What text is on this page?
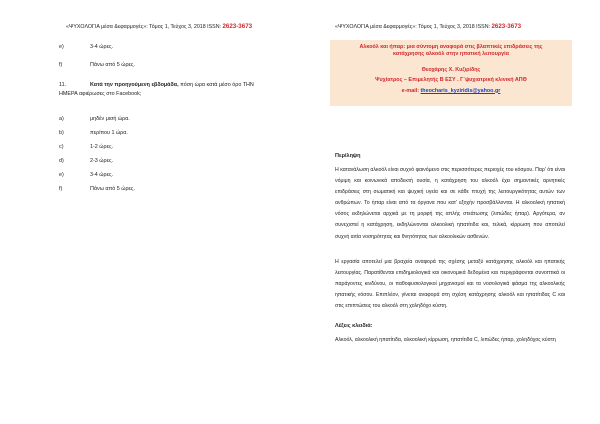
«ΨΥΧΟΛΟΓΙΑ μέσα &εφαρμογές»: Τόμος 1, Τεύχος 3, 2018 ISSN: 2623-3673
e)	3-4 ώρες.
f)	Πάνω από 5 ώρες.
11.	Κατά την προηγούμενη εβδομάδα, πόση ώρα κατά μέσο όρο ΤΗΝ ΗΜΕΡΑ αφιέρωσες στο Facebook;
a)	μηδέν μισή ώρα.
b)	περίπου 1 ώρα.
c)	1-2 ώρες.
d)	2-3 ώρες.
e)	3-4 ώρες.
f)	Πάνω από 5 ώρες.
«ΨΥΧΟΛΟΓΙΑ μέσα &εφαρμογές»: Τόμος 1, Τεύχος 3, 2018 ISSN: 2623-3673
Αλκοόλ και ήπαρ: μια σύντομη αναφορά στις βλαπτικές επιδράσεις της κατάχρησης αλκοόλ στην ηπατική λειτουργία
Θεοχάρης Χ. Κυζιρίδης
Ψυχίατρος – Επιμελητής Β ΕΣΥ . Γ΄ψυχιατρική κλινική ΑΠΘ
e-mail: theocharis_kyziridis@yahoo.gr
Περίληψη
Η κατανάλωση αλκοόλ είναι συχνό φαινόμενο στις περισσότερες περιοχές του κόσμου. Παρ' ότι είναι νόμιμη και κοινωνικά αποδεκτή ουσία, η κατάχρηση του αλκοόλ έχει σημαντικές αρνητικές επιδράσεις στη σωματική και ψυχική υγεία και σε κάθε πτυχή της λειτουργικότητας αυτών των ανθρώπων. Το ήπαρ είναι από τα όργανα που κατ' εξοχήν προσβάλλονται. Η αλκοολική ηπατική νόσος εκδηλώνεται αρχικά με τη μορφή της απλής στεάτωσης (λιπώδες ήπαρ). Αργότερα, αν συνεχιστεί η κατάχρηση, εκδηλώνονται αλκοολική ηπατίτιδα και, τελικά, κίρρωση που αποτελεί συχνή αιτία νοσηρότητας και θνητότητας των αλκοολικών ασθενών.
Η εργασία αποτελεί μια βραχεία αναφορά της σχέσης μεταξύ κατάχρησης αλκοόλ και ηπατικής λειτουργίας. Παρατίθενται επιδημιολογικά και οικονομικά δεδομένα και περιγράφονται συνοπτικά οι παράγοντες κινδύνου, οι παθοφυσιολογικοί μηχανισμοί και τα νοσολογικά φάσμα της αλκοολικής ηπατικής νόσου. Επιπλέον, γίνεται αναφορά στη σχέση κατάχρησης αλκοόλ και ηπατίτιδας C και στις επιπτώσεις του αλκοόλ στη χοληδόχο κύστη.
Λέξεις κλειδιά:
Αλκοόλ, αλκοολική ηπατίτιδα, αλκοολική κίρρωση, ηπατίτιδα C, λιπώδες ήπαρ, χοληδόχος κύστη
